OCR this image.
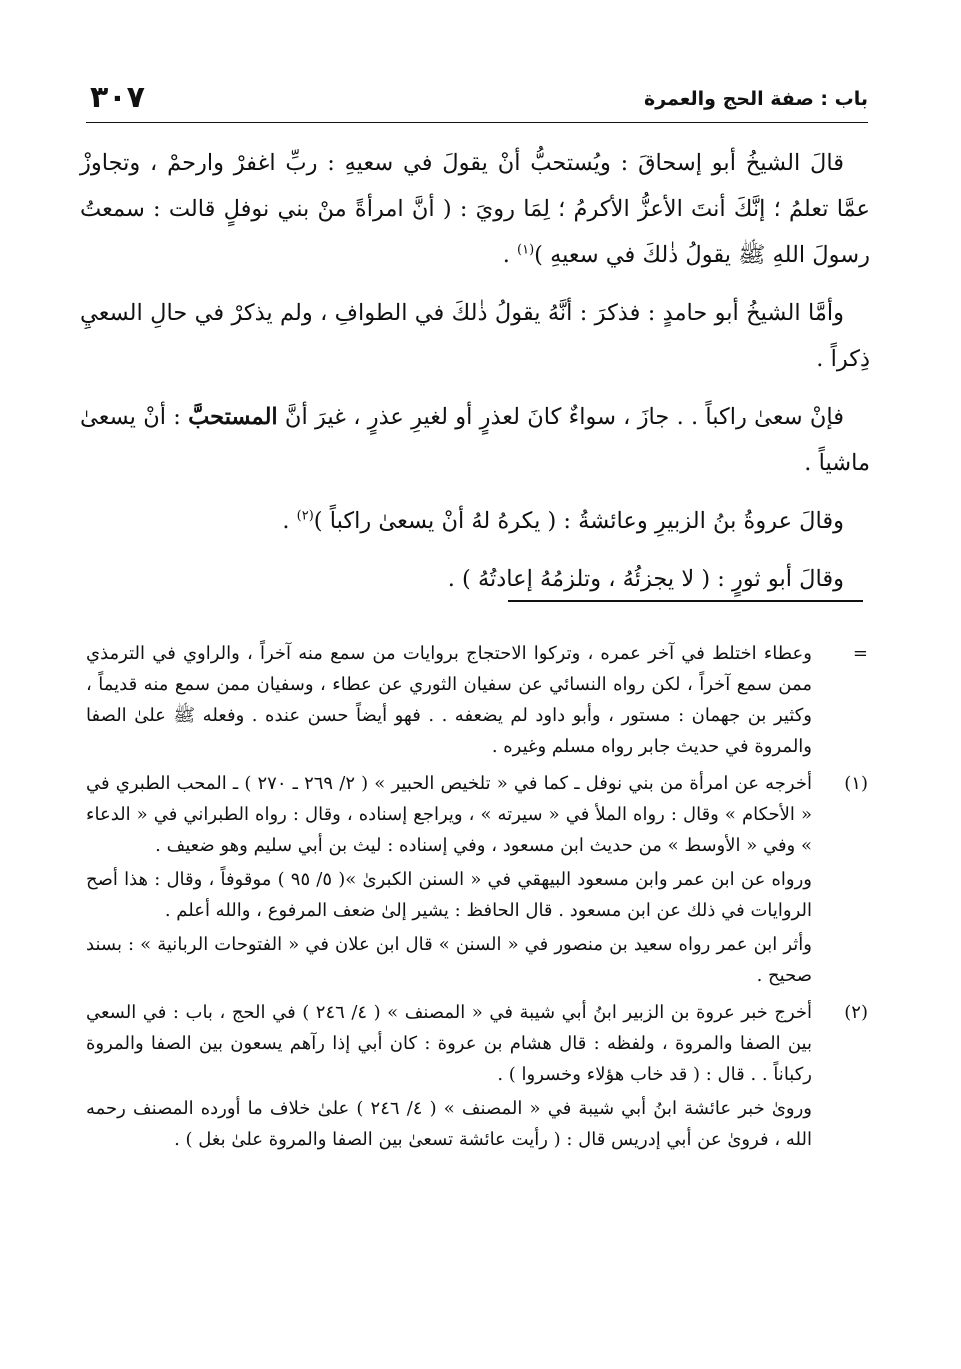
باب : صفة الحج والعمرة
٣٠٧

قالَ الشيخُ أبو إسحاقَ : ويُستحبُّ أنْ يقولَ في سعيهِ : ربِّ اغفرْ وارحمْ ، وتجاوزْ عمَّا تعلمُ ؛ إنَّكَ أنتَ الأعزُّ الأكرمُ ؛ لِمَا رويَ : ( أنَّ امرأةً منْ بني نوفلٍ قالت : سمعتُ رسولَ اللهِ ﷺ يقولُ ذٰلكَ في سعيهِ )$^{(١)}$ .

وأمَّا الشيخُ أبو حامدٍ : فذكرَ : أنَّهُ يقولُ ذٰلكَ في الطوافِ ، ولم يذكرْ في حالِ السعيِ ذِكراً .

فإنْ سعىٰ راكباً . . جازَ ، سواءٌ كانَ لعذرٍ أو لغيرِ عذرٍ ، غيرَ أنَّ المستحبَّ : أنْ يسعىٰ ماشياً .

وقالَ عروةُ بنُ الزبيرِ وعائشةُ : ( يكرهُ لهُ أنْ يسعىٰ راكباً )$^{(٢)}$ .

وقالَ أبو ثورٍ : ( لا يجزئُهُ ، وتلزمُهُ إعادتُهُ ) .

=

وعطاء اختلط في آخر عمره ، وتركوا الاحتجاج بروايات من سمع منه آخراً ، والراوي في الترمذي ممن سمع آخراً ، لكن رواه النسائي عن سفيان الثوري عن عطاء ، وسفيان ممن سمع منه قديماً ، وكثير بن جهمان : مستور ، وأبو داود لم يضعفه . . فهو أيضاً حسن عنده . وفعله ﷺ علىٰ الصفا والمروة في حديث جابر رواه مسلم وغيره .

(١)

أخرجه عن امرأة من بني نوفل ـ كما في « تلخيص الحبير » ( ٢/ ٢٦٩ ـ ٢٧٠ ) ـ المحب الطبري في « الأحكام » وقال : رواه الملأ في « سيرته » ، ويراجع إسناده ، وقال : رواه الطبراني في « الدعاء » وفي « الأوسط » من حديث ابن مسعود ، وفي إسناده : ليث بن أبي سليم وهو ضعيف .

ورواه عن ابن عمر وابن مسعود البيهقي في « السنن الكبرىٰ »( ٥/ ٩٥ ) موقوفاً ، وقال : هذا أصح الروايات في ذلك عن ابن مسعود . قال الحافظ : يشير إلىٰ ضعف المرفوع ، والله أعلم .

وأثر ابن عمر رواه سعيد بن منصور في « السنن » قال ابن علان في « الفتوحات الربانية » : بسند صحيح .

(٢)

أخرج خبر عروة بن الزبير ابنُ أبي شيبة في « المصنف » ( ٤/ ٢٤٦ ) في الحج ، باب : في السعي بين الصفا والمروة ، ولفظه : قال هشام بن عروة : كان أبي إذا رآهم يسعون بين الصفا والمروة ركباناً . . قال : ( قد خاب هؤلاء وخسروا ) .

وروىٰ خبر عائشة ابنُ أبي شيبة في « المصنف » ( ٤/ ٢٤٦ ) علىٰ خلاف ما أورده المصنف رحمه الله ، فروىٰ عن أبي إدريس قال : ( رأيت عائشة تسعىٰ بين الصفا والمروة علىٰ بغل ) .
